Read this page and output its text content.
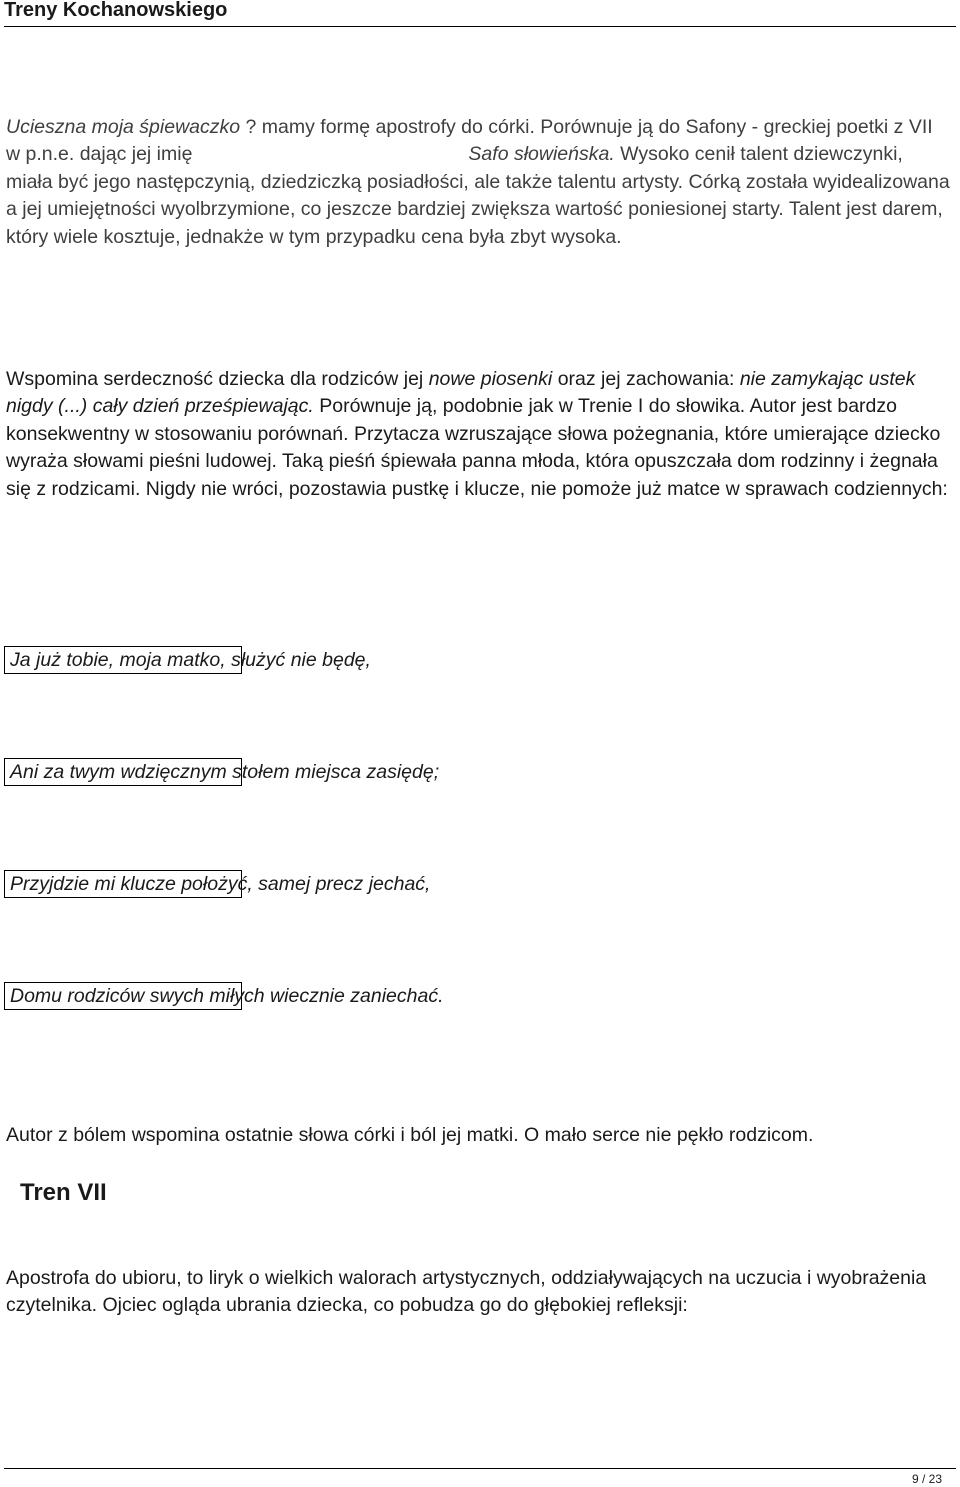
Treny Kochanowskiego

Ucieszna moja śpiewaczko ? mamy formę apostrofy do córki. Porównuje ją do Safony - greckiej poetki z VII w p.n.e. dając jej imię	Safo słowieńska. Wysoko cenił talent dziewczynki, miała być jego następczynią, dziedziczką posiadłości, ale także talentu artysty. Córką została wyidealizowana a jej umiejętności wyolbrzymione, co jeszcze bardziej zwiększa wartość poniesionej starty. Talent jest darem, który wiele kosztuje, jednakże w tym przypadku cena była zbyt wysoka.

Wspomina serdeczność dziecka dla rodziców jej nowe piosenki oraz jej zachowania: nie zamykając ustek nigdy (...) cały dzień prześpiewając. Porównuje ją, podobnie jak w Trenie I do słowika. Autor jest bardzo konsekwentny w stosowaniu porównań. Przytacza wzruszające słowa pożegnania, które umierające dziecko wyraża słowami pieśni ludowej. Taką pieśń śpiewała panna młoda, która opuszczała dom rodzinny i żegnała się z rodzicami. Nigdy nie wróci, pozostawia pustkę i klucze, nie pomoże już matce w sprawach codziennych:

Ja już tobie, moja matko, służyć nie będę,
Ani za twym wdzięcznym stołem miejsca zasiędę;
Przyjdzie mi klucze położyć, samej precz jechać,
Domu rodziców swych miłych wiecznie zaniechać.

Autor z bólem wspomina ostatnie słowa córki i ból jej matki. O mało serce nie pękło rodzicom.

Tren VII

Apostrofa do ubioru, to liryk o wielkich walorach artystycznych, oddziaływających na uczucia i wyobrażenia czytelnika. Ojciec ogląda ubrania dziecka, co pobudza go do głębokiej refleksji:

9 / 23
